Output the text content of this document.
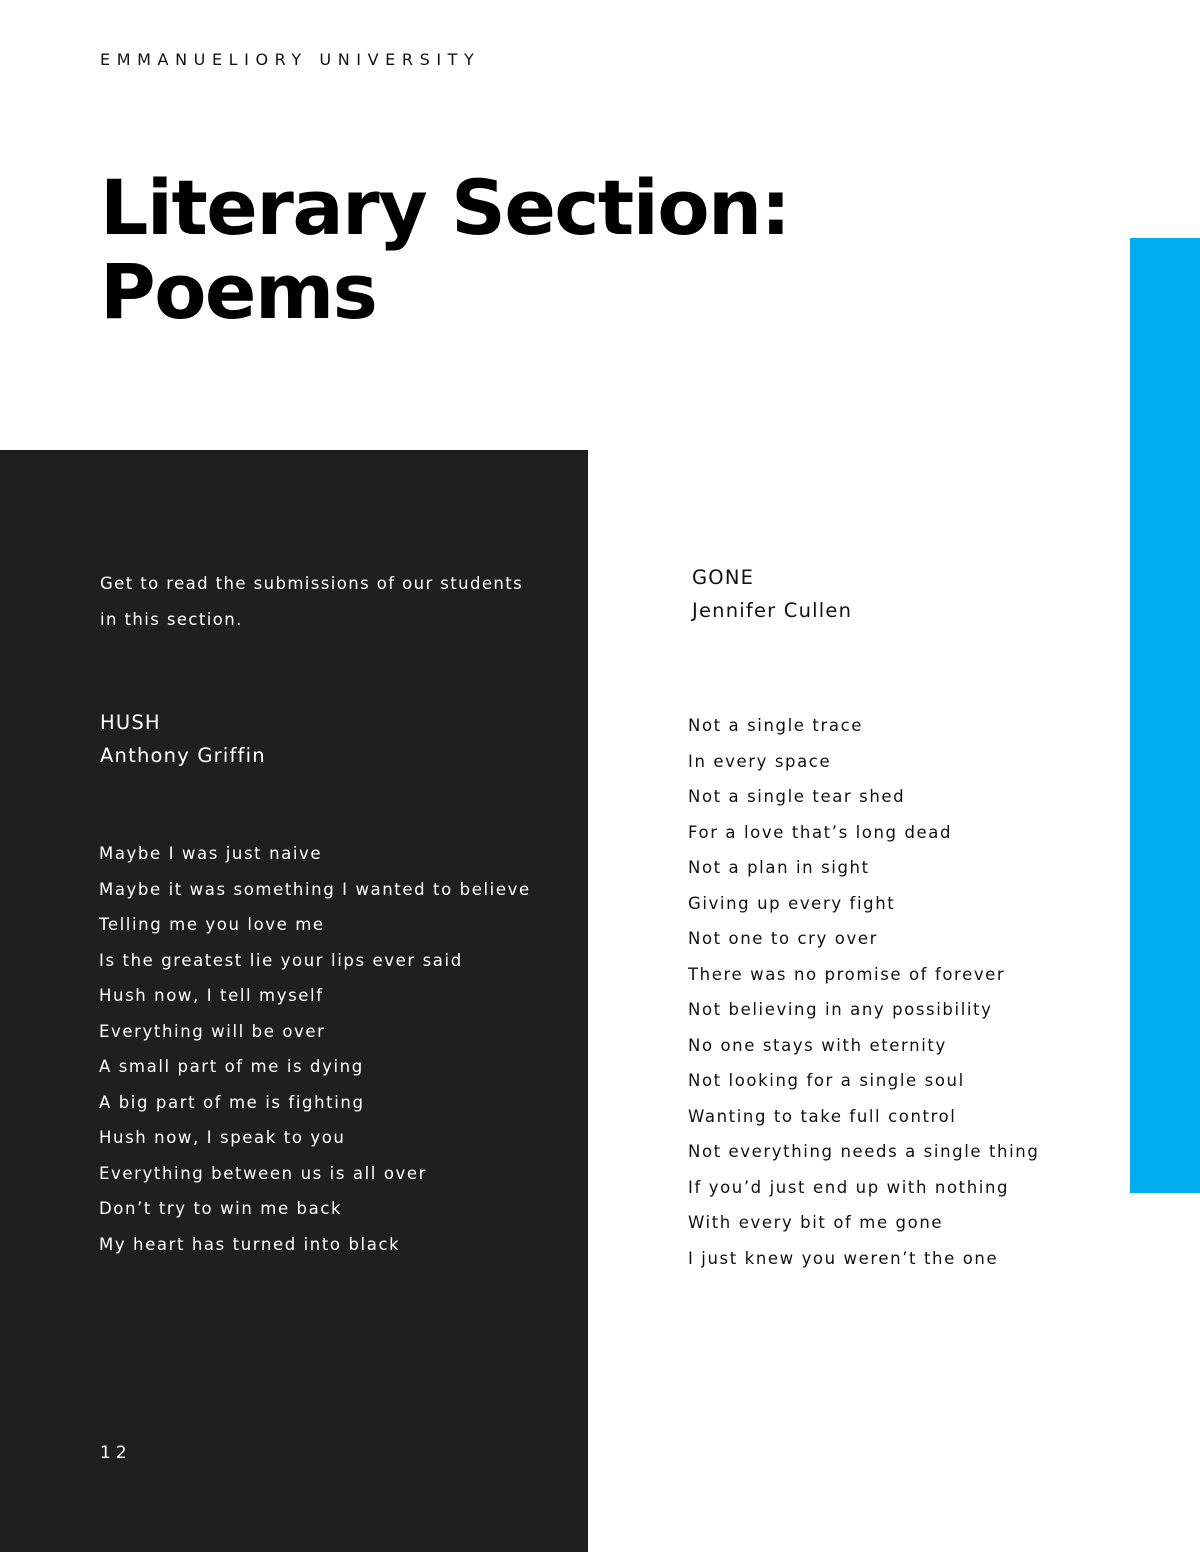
EMMANUELIORY UNIVERSITY
Literary Section:
Poems
Get to read the submissions of our students
in this section.
HUSH
Anthony Griffin
Maybe I was just naive
Maybe it was something I wanted to believe
Telling me you love me
Is the greatest lie your lips ever said
Hush now, I tell myself
Everything will be over
A small part of me is dying
A big part of me is fighting
Hush now, I speak to you
Everything between us is all over
Don’t try to win me back
My heart has turned into black
GONE
Jennifer Cullen
Not a single trace
In every space
Not a single tear shed
For a love that’s long dead
Not a plan in sight
Giving up every fight
Not one to cry over
There was no promise of forever
Not believing in any possibility
No one stays with eternity
Not looking for a single soul
Wanting to take full control
Not everything needs a single thing
If you’d just end up with nothing
With every bit of me gone
I just knew you weren’t the one
12
